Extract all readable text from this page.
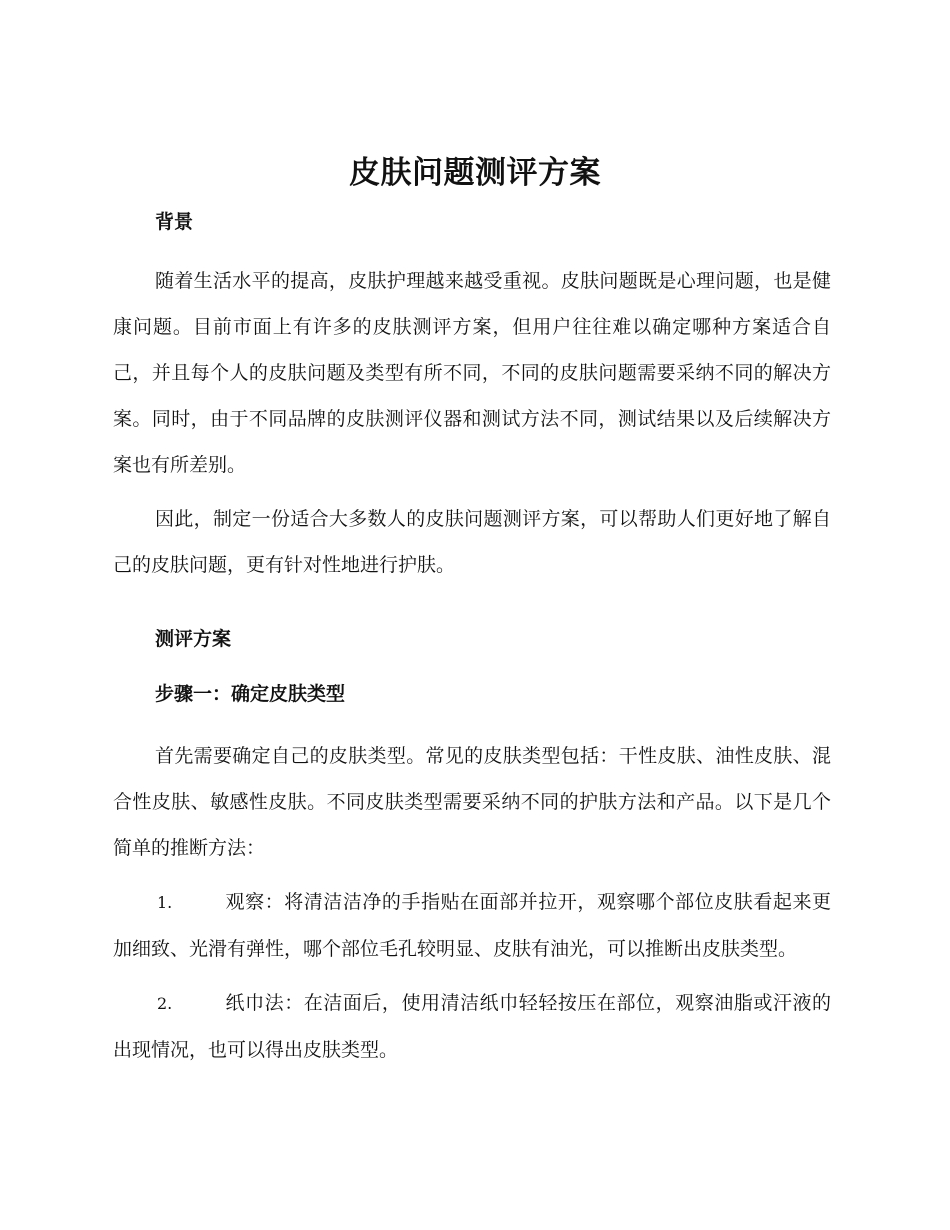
皮肤问题测评方案

背景

随着生活水平的提高，皮肤护理越来越受重视。皮肤问题既是心理问题，也是健康问题。目前市面上有许多的皮肤测评方案，但用户往往难以确定哪种方案适合自己，并且每个人的皮肤问题及类型有所不同，不同的皮肤问题需要采纳不同的解决方案。同时，由于不同品牌的皮肤测评仪器和测试方法不同，测试结果以及后续解决方案也有所差别。

因此，制定一份适合大多数人的皮肤问题测评方案，可以帮助人们更好地了解自己的皮肤问题，更有针对性地进行护肤。

测评方案

步骤一：确定皮肤类型

首先需要确定自己的皮肤类型。常见的皮肤类型包括：干性皮肤、油性皮肤、混合性皮肤、敏感性皮肤。不同皮肤类型需要采纳不同的护肤方法和产品。以下是几个简单的推断方法：

1.	观察：将清洁洁净的手指贴在面部并拉开，观察哪个部位皮肤看起来更加细致、光滑有弹性，哪个部位毛孔较明显、皮肤有油光，可以推断出皮肤类型。

2.	纸巾法：在洁面后，使用清洁纸巾轻轻按压在部位，观察油脂或汗液的出现情况，也可以得出皮肤类型。
